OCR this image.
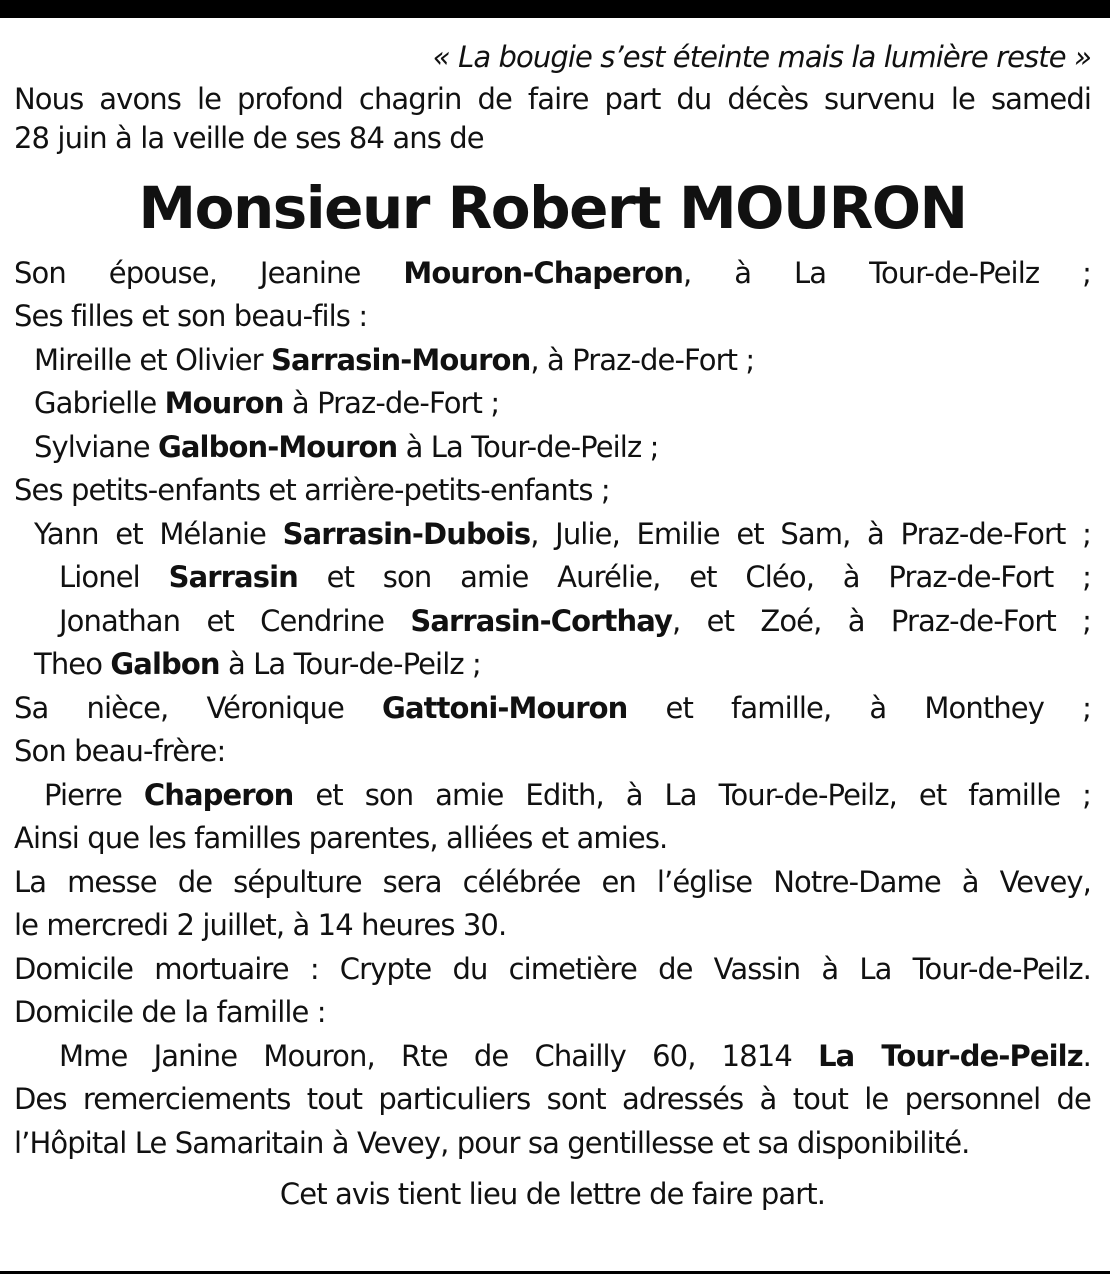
« La bougie s’est éteinte mais la lumière reste »
Nous avons le profond chagrin de faire part du décès survenu le samedi
28 juin à la veille de ses 84 ans de
Monsieur Robert MOURON
Son épouse, Jeanine Mouron-Chaperon, à La Tour-de-Peilz ;
Ses filles et son beau-fils :
Mireille et Olivier Sarrasin-Mouron, à Praz-de-Fort ;
Gabrielle Mouron à Praz-de-Fort ;
Sylviane Galbon-Mouron à La Tour-de-Peilz ;
Ses petits-enfants et arrière-petits-enfants ;
Yann et Mélanie Sarrasin-Dubois, Julie, Emilie et Sam, à Praz-de-Fort ;
Lionel Sarrasin et son amie Aurélie, et Cléo, à Praz-de-Fort ;
Jonathan et Cendrine Sarrasin-Corthay, et Zoé, à Praz-de-Fort ;
Theo Galbon à La Tour-de-Peilz ;
Sa nièce, Véronique Gattoni-Mouron et famille, à Monthey ;
Son beau-frère:
Pierre Chaperon et son amie Edith, à La Tour-de-Peilz, et famille ;
Ainsi que les familles parentes, alliées et amies.
La messe de sépulture sera célébrée en l’église Notre-Dame à Vevey,
le mercredi 2 juillet, à 14 heures 30.
Domicile mortuaire : Crypte du cimetière de Vassin à La Tour-de-Peilz.
Domicile de la famille :
Mme Janine Mouron, Rte de Chailly 60, 1814 La Tour-de-Peilz.
Des remerciements tout particuliers sont adressés à tout le personnel de
l’Hôpital Le Samaritain à Vevey, pour sa gentillesse et sa disponibilité.
Cet avis tient lieu de lettre de faire part.
